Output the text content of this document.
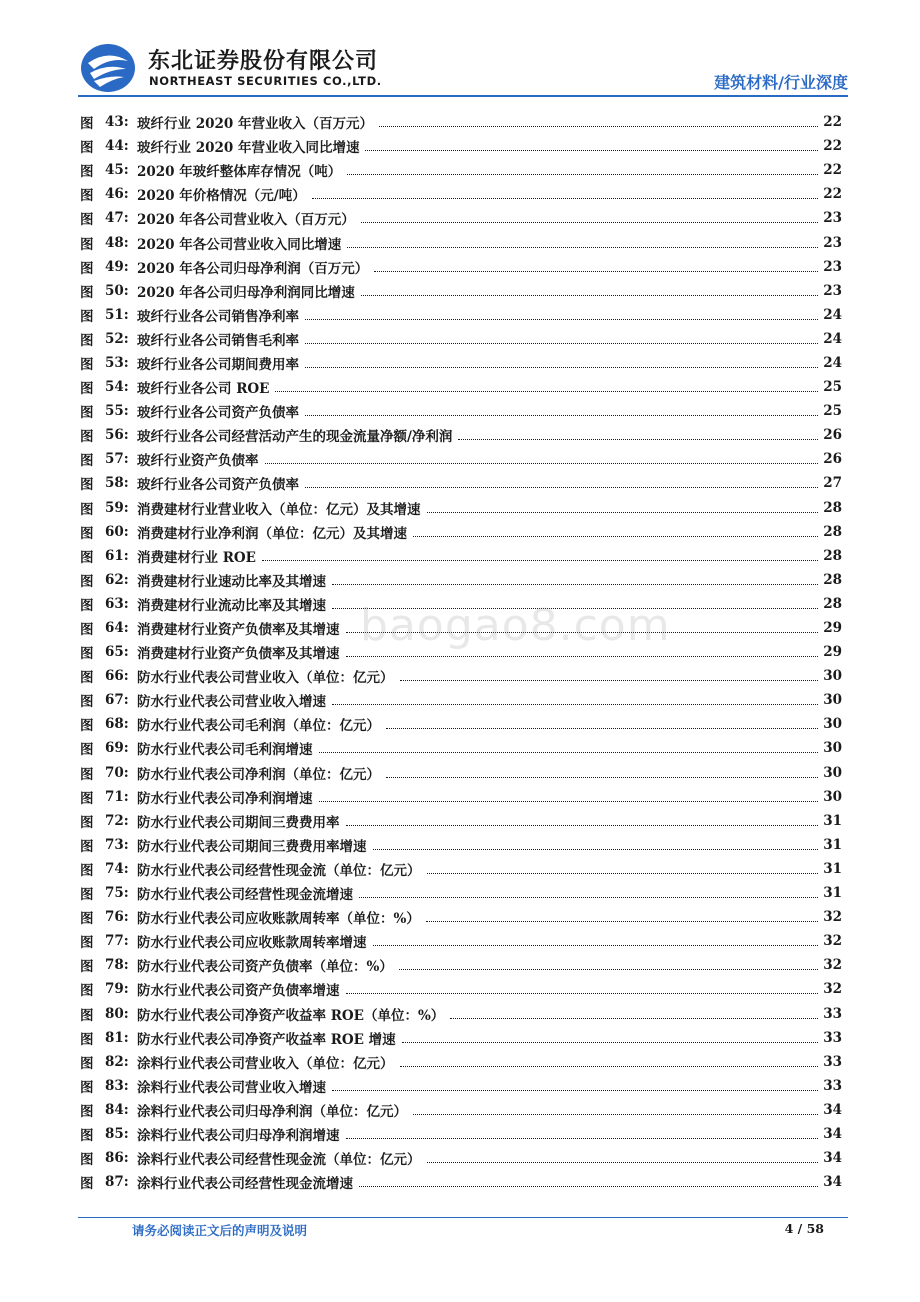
东北证券股份有限公司
NORTHEAST SECURITIES CO.,LTD.	建筑材料/行业深度
图 43: 玻纤行业 2020 年营业收入（百万元）	22
图 44: 玻纤行业 2020 年营业收入同比增速	22
图 45: 2020 年玻纤整体库存情况（吨）	22
图 46: 2020 年价格情况（元/吨）	22
图 47: 2020 年各公司营业收入（百万元）	23
图 48: 2020 年各公司营业收入同比增速	23
图 49: 2020 年各公司归母净利润（百万元）	23
图 50: 2020 年各公司归母净利润同比增速	23
图 51: 玻纤行业各公司销售净利率	24
图 52: 玻纤行业各公司销售毛利率	24
图 53: 玻纤行业各公司期间费用率	24
图 54: 玻纤行业各公司 ROE	25
图 55: 玻纤行业各公司资产负债率	25
图 56: 玻纤行业各公司经营活动产生的现金流量净额/净利润	26
图 57: 玻纤行业资产负债率	26
图 58: 玻纤行业各公司资产负债率	27
图 59: 消费建材行业营业收入（单位：亿元）及其增速	28
图 60: 消费建材行业净利润（单位：亿元）及其增速	28
图 61: 消费建材行业 ROE	28
图 62: 消费建材行业速动比率及其增速	28
图 63: 消费建材行业流动比率及其增速	28
图 64: 消费建材行业资产负债率及其增速	29
图 65: 消费建材行业资产负债率及其增速	29
图 66: 防水行业代表公司营业收入（单位：亿元）	30
图 67: 防水行业代表公司营业收入增速	30
图 68: 防水行业代表公司毛利润（单位：亿元）	30
图 69: 防水行业代表公司毛利润增速	30
图 70: 防水行业代表公司净利润（单位：亿元）	30
图 71: 防水行业代表公司净利润增速	30
图 72: 防水行业代表公司期间三费费用率	31
图 73: 防水行业代表公司期间三费费用率增速	31
图 74: 防水行业代表公司经营性现金流（单位：亿元）	31
图 75: 防水行业代表公司经营性现金流增速	31
图 76: 防水行业代表公司应收账款周转率（单位：%）	32
图 77: 防水行业代表公司应收账款周转率增速	32
图 78: 防水行业代表公司资产负债率（单位：%）	32
图 79: 防水行业代表公司资产负债率增速	32
图 80: 防水行业代表公司净资产收益率 ROE（单位：%）	33
图 81: 防水行业代表公司净资产收益率 ROE 增速	33
图 82: 涂料行业代表公司营业收入（单位：亿元）	33
图 83: 涂料行业代表公司营业收入增速	33
图 84: 涂料行业代表公司归母净利润（单位：亿元）	34
图 85: 涂料行业代表公司归母净利润增速	34
图 86: 涂料行业代表公司经营性现金流（单位：亿元）	34
图 87: 涂料行业代表公司经营性现金流增速	34
baogao8.com
请务必阅读正文后的声明及说明	4 / 58
